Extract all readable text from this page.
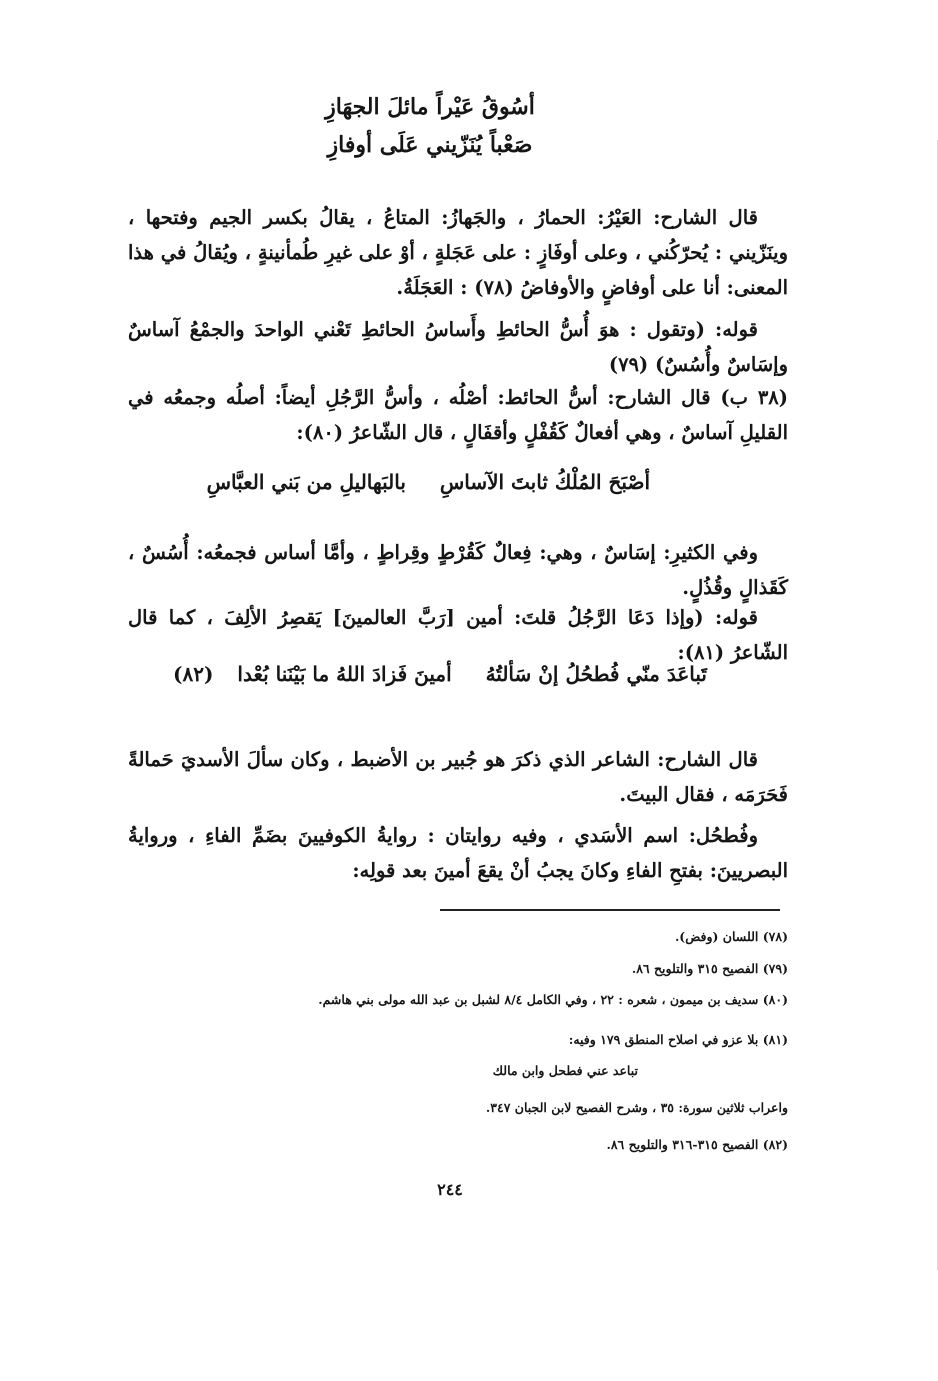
أسُوقُ عَيْراً مائلَ الجهَازِ
صَعْباً يُنَزّيني عَلَى أوفازِ
قال الشارح: العَيْرُ: الحمارُ ، والجَهازُ: المتاعُ ، يقالُ بكسر الجيم وفتحها ، وينَزّيني : يُحرّكُني ، وعلى أوفَازٍ : على عَجَلةٍ ، أوْ على غيرِ طُمأنينةٍ ، ويُقالُ في هذا المعنى: أنا على أوفاضٍ والأوفاضُ (٧٨) : العَجَلَةُ.
قوله: (وتقول : هوَ أُسُّ الحائطِ وأَساسُ الحائطِ تَعْني الواحدَ والجمْعُ آساسٌ وإسَاسٌ وأُسُسٌ) (٧٩)
(٣٨ ب) قال الشارح: أسُّ الحائط: أصْلُه ، وأسُّ الرَّجُلِ أيضاً: أصلُه وجمعُه في القليلِ آساسٌ ، وهي أفعالٌ كَقُفْلٍ وأقفَالٍ ، قال الشّاعرُ (٨٠):
أصْبَحَ المُلْكُ ثابتَ الآساسِ  بالبَهاليلِ من بَني العبَّاسِ
وفي الكثيرِ: إسَاسٌ ، وهي: فِعالٌ كَقُرْطٍ وقِراطٍ ، وأمَّا أساس فجمعُه: أُسُسٌ ، كَقَذالٍ وقُذُلٍ.
قوله: (وإذا دَعَا الرَّجُلُ قلتَ: أمين [رَبَّ العالمينَ] يَقصِرُ الألِفَ ، كما قال الشّاعرُ (٨١):
تَباعَدَ منّي فُطحُلُ إنْ سَألتُهُ  أمينَ فَزادَ اللهُ ما بَيْنَنا بُعْدا  (٨٢)
قال الشارح: الشاعر الذي ذكرَ هو جُبير بن الأضبط ، وكان سألَ الأسديَ حَمالةً فَحَرَمَه ، فقال البيتَ.
وفُطحُل: اسم الأسَدي ، وفيه روايتان : روايةُ الكوفيينَ بضَمِّ الفاءِ ، وروايةُ البصريينَ: بفتحِ الفاءِ وكانَ يجبُ أنْ يقعَ أمينَ بعد قولِه:
(٧٨) اللسان (وفض).
(٧٩) الفصيح ٣١٥ والتلويح ٨٦.
(٨٠) سديف بن ميمون ، شعره : ٢٢ ، وفي الكامل ٨/٤ لشبل بن عبد الله مولى بني هاشم.
(٨١) بلا عزو في اصلاح المنطق ١٧٩ وفيه:
تباعد عني فطحل وابن مالك
واعراب ثلاثين سورة: ٣٥ ، وشرح الفصيح لابن الجبان ٣٤٧.
(٨٢) الفصيح ٣١٥-٣١٦ والتلويح ٨٦.
٢٤٤
